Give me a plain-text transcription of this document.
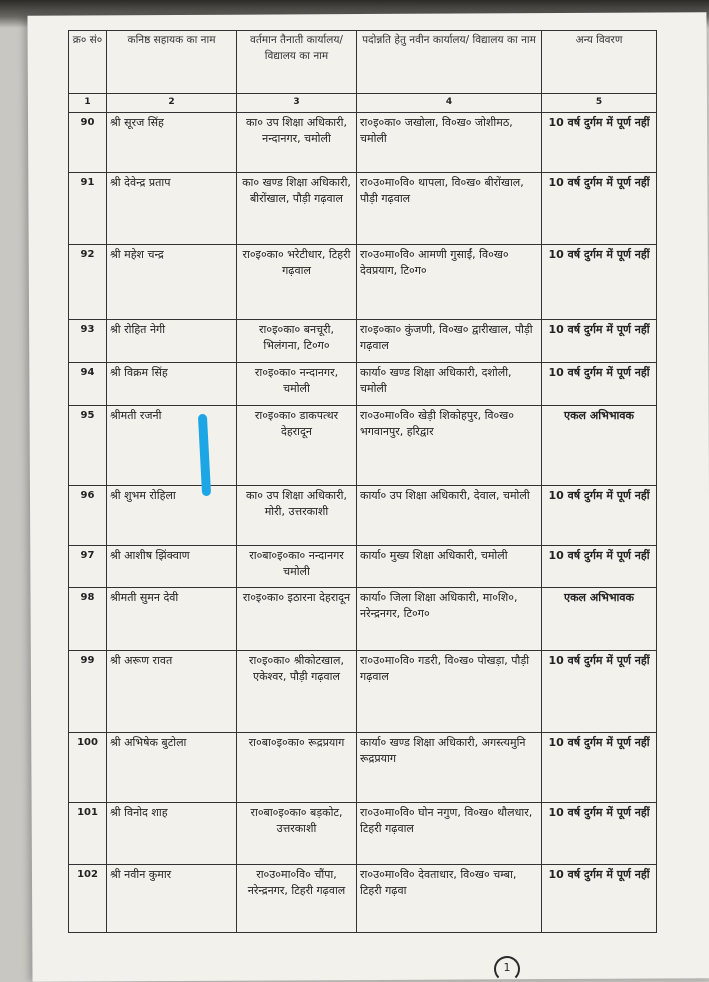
क्र० सं०	कनिष्ठ सहायक का नाम	वर्तमान तैनाती कार्यालय/ विद्यालय का नाम	पदोन्नति हेतु नवीन कार्यालय/ विद्यालय का नाम	अन्य विवरण
1	2	3	4	5
90	श्री सूरज सिंह	का० उप शिक्षा अधिकारी, नन्दानगर, चमोली	रा०इ०का० जखोला, वि०ख० जोशीमठ, चमोली	10 वर्ष दुर्गम में पूर्ण नहीं
91	श्री देवेन्द्र प्रताप	का० खण्ड शिक्षा अधिकारी, बीरोंखाल, पौड़ी गढ़वाल	रा०उ०मा०वि० थापला, वि०ख० बीरोंखाल, पौड़ी गढ़वाल	10 वर्ष दुर्गम में पूर्ण नहीं
92	श्री महेश चन्द्र	रा०इ०का० भरेटीधार, टिहरी गढ़वाल	रा०उ०मा०वि० आमणी गुसाईं, वि०ख० देवप्रयाग, टि०ग०	10 वर्ष दुर्गम में पूर्ण नहीं
93	श्री रोहित नेगी	रा०इ०का० बनचूरी, भिलंगना, टि०ग०	रा०इ०का० कुंजणी, वि०ख० द्वारीखाल, पौड़ी गढ़वाल	10 वर्ष दुर्गम में पूर्ण नहीं
94	श्री विक्रम सिंह	रा०इ०का० नन्दानगर, चमोली	कार्या० खण्ड शिक्षा अधिकारी, दशोली, चमोली	10 वर्ष दुर्गम में पूर्ण नहीं
95	श्रीमती रजनी	रा०इ०का० डाकपत्थर देहरादून	रा०उ०मा०वि० खेड़ी शिकोहपुर, वि०ख० भगवानपुर, हरिद्वार	एकल अभिभावक
96	श्री शुभम रोहिला	का० उप शिक्षा अधिकारी, मोरी, उत्तरकाशी	कार्या० उप शिक्षा अधिकारी, देवाल, चमोली	10 वर्ष दुर्गम में पूर्ण नहीं
97	श्री आशीष झिंक्वाण	रा०बा०इ०का० नन्दानगर चमोली	कार्या० मुख्य शिक्षा अधिकारी, चमोली	10 वर्ष दुर्गम में पूर्ण नहीं
98	श्रीमती सुमन देवी	रा०इ०का० इठारना देहरादून	कार्या० जिला शिक्षा अधिकारी, मा०शि०, नरेन्द्रनगर, टि०ग०	एकल अभिभावक
99	श्री अरूण रावत	रा०इ०का० श्रीकोटखाल, एकेश्वर, पौड़ी गढ़वाल	रा०उ०मा०वि० गडरी, वि०ख० पोखड़ा, पौड़ी गढ़वाल	10 वर्ष दुर्गम में पूर्ण नहीं
100	श्री अभिषेक बुटोला	रा०बा०इ०का० रूद्रप्रयाग	कार्या० खण्ड शिक्षा अधिकारी, अगस्त्यमुनि रूद्रप्रयाग	10 वर्ष दुर्गम में पूर्ण नहीं
101	श्री विनोद शाह	रा०बा०इ०का० बड़कोट, उत्तरकाशी	रा०उ०मा०वि० घोन नगुण, वि०ख० थौलधार, टिहरी गढ़वाल	10 वर्ष दुर्गम में पूर्ण नहीं
102	श्री नवीन कुमार	रा०उ०मा०वि० चौंपा, नरेन्द्रनगर, टिहरी गढ़वाल	रा०उ०मा०वि० देवताधार, वि०ख० चम्बा, टिहरी गढ़वा	10 वर्ष दुर्गम में पूर्ण नहीं
1
